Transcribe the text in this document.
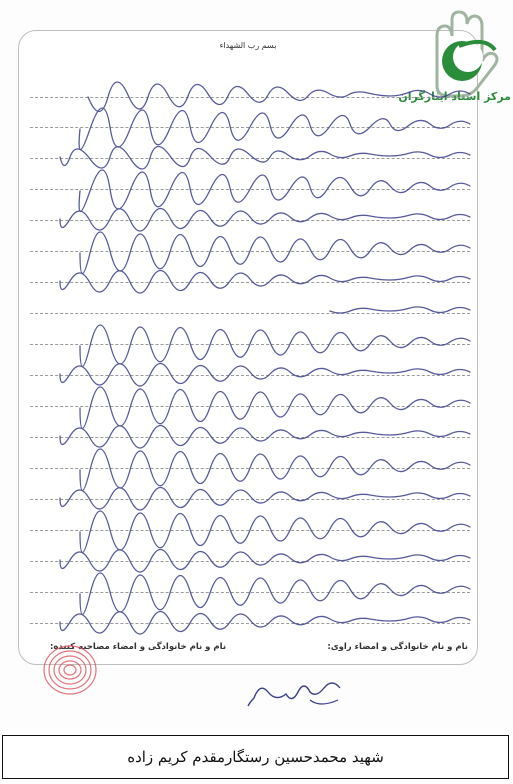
بسم رب الشهداء
مرکز اسناد ایثارگران
نام و نام خانوادگی و امضاء راوی:
نام و نام خانوادگی و امضاء مصاحبه کننده:
شهید محمدحسین رستگارمقدم کریم زاده
